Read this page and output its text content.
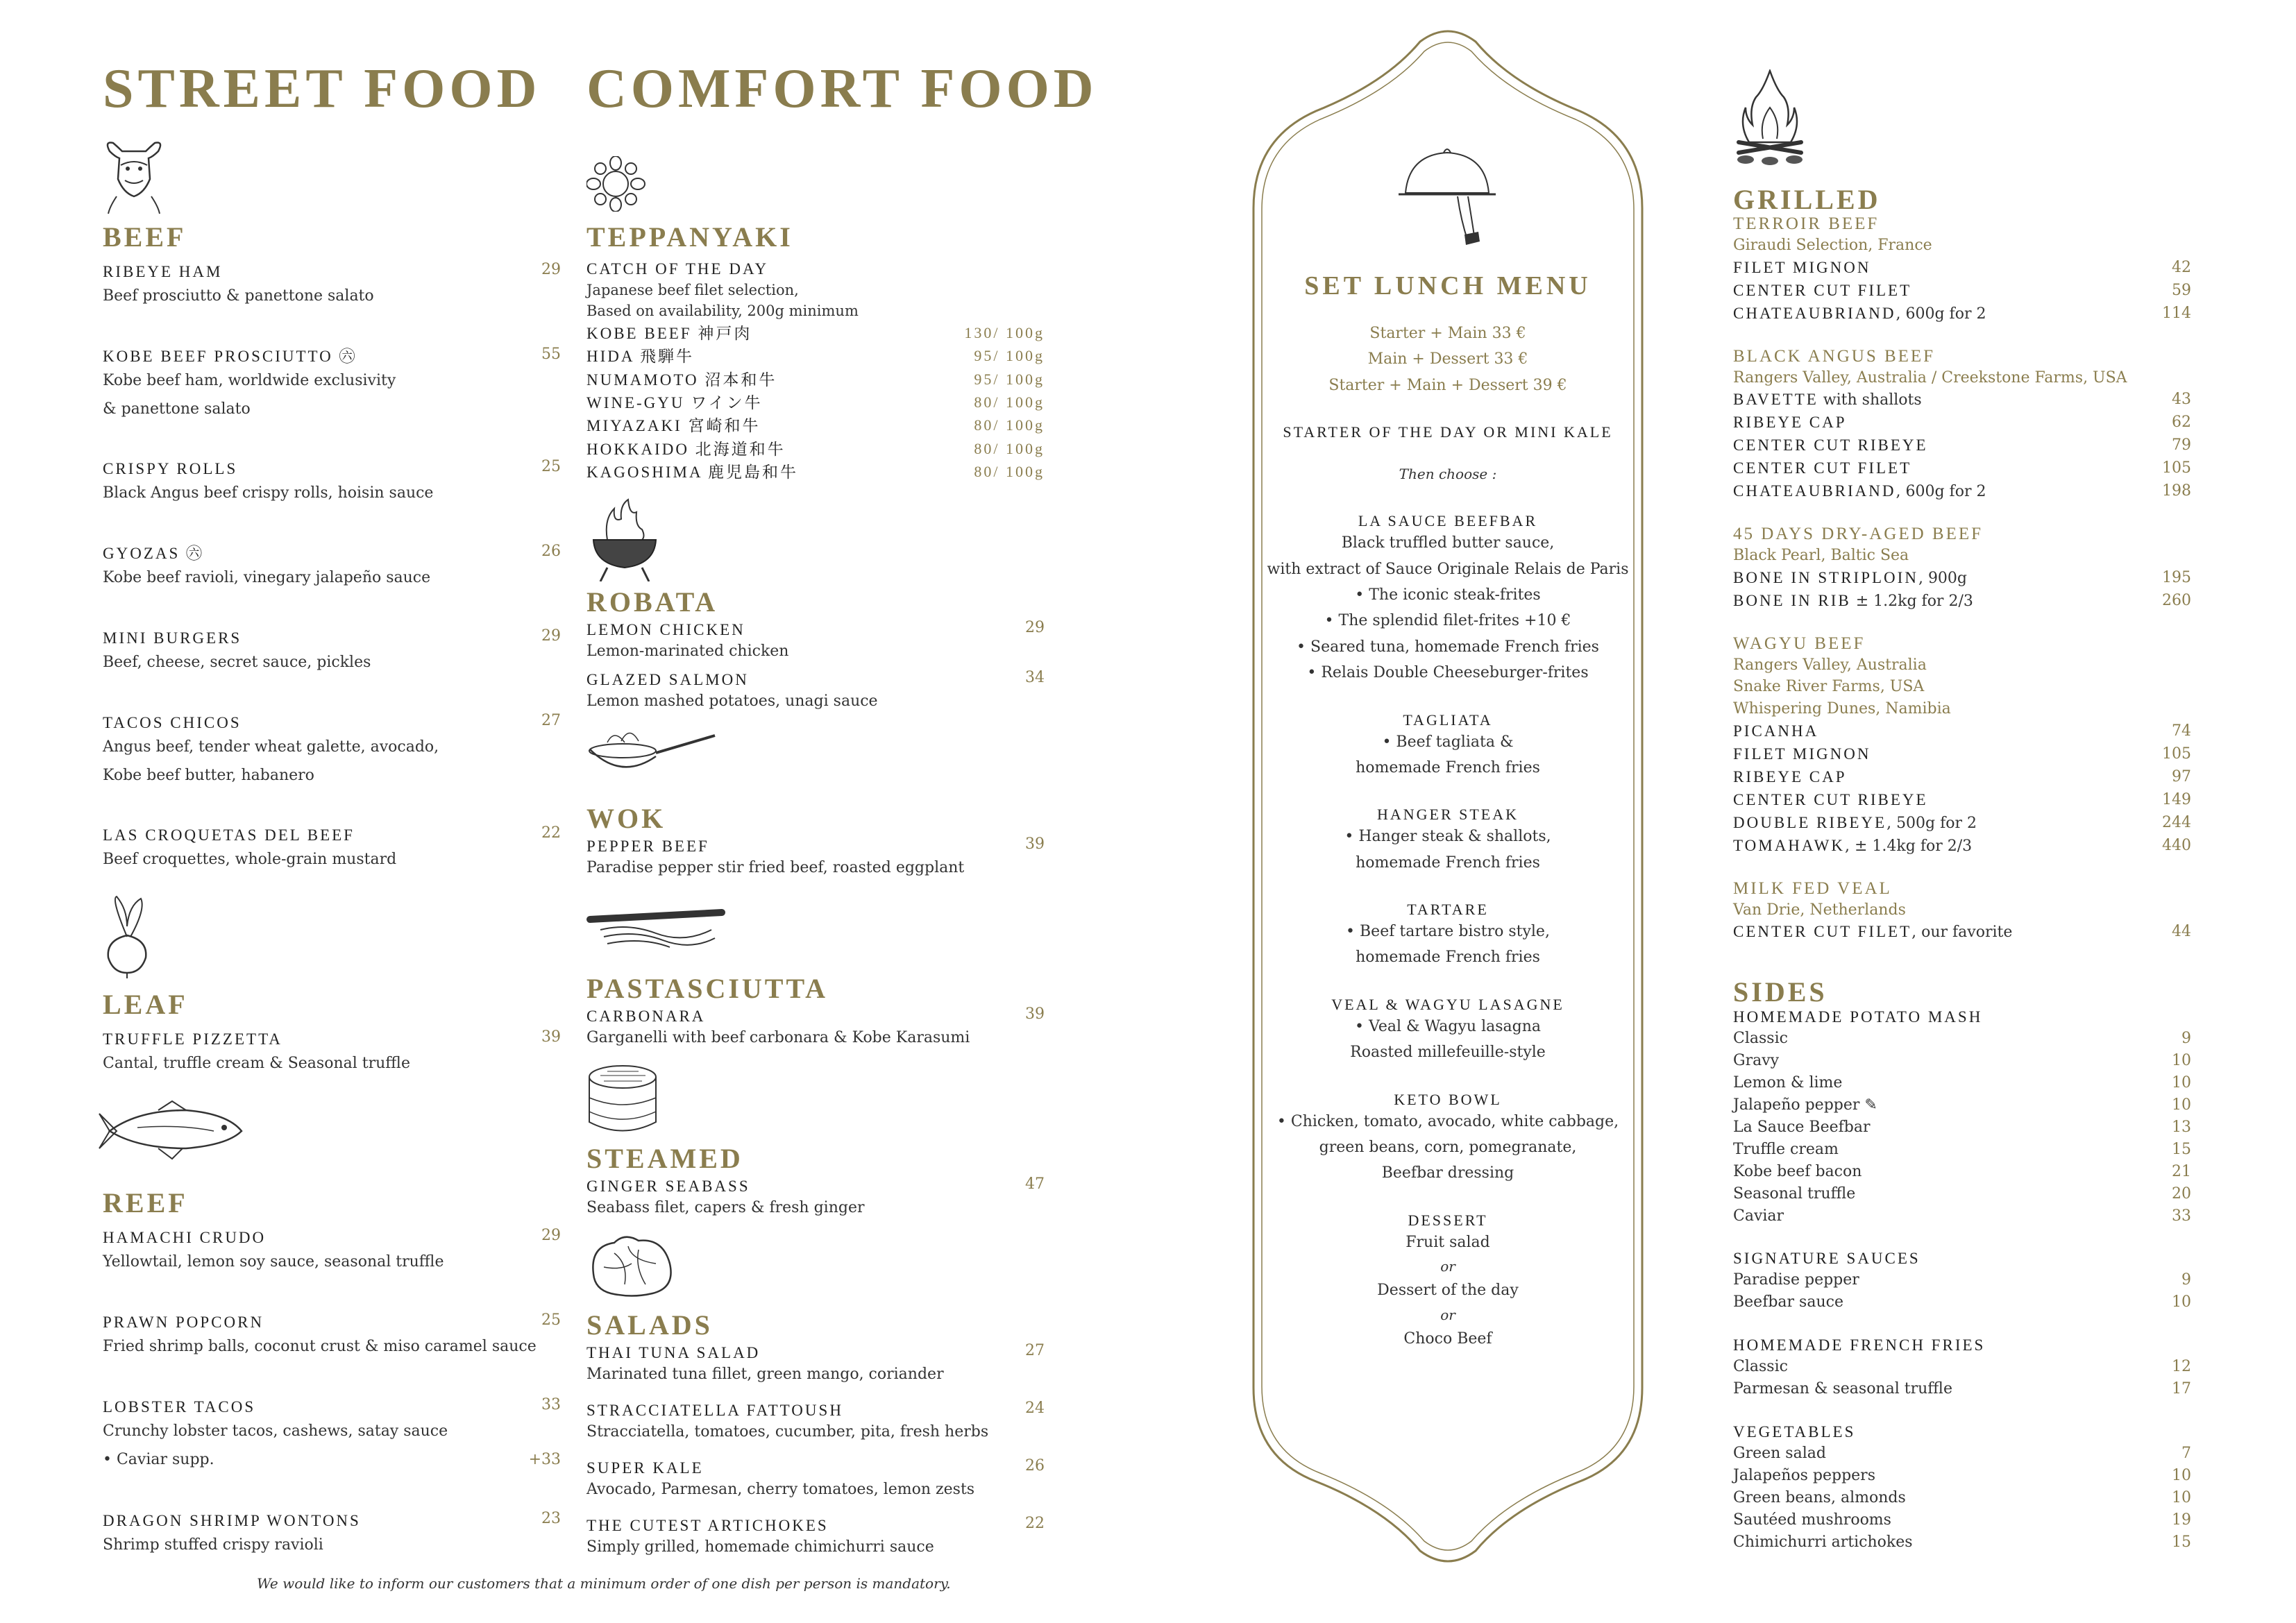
STREET FOOD COMFORT FOOD
BEEF
RIBEYE HAM	29
Beef prosciutto & panettone salato
KOBE BEEF PROSCIUTTO ㊅	55
Kobe beef ham, worldwide exclusivity
& panettone salato
CRISPY ROLLS	25
Black Angus beef crispy rolls, hoisin sauce
GYOZAS ㊅	26
Kobe beef ravioli, vinegary jalapeño sauce
MINI BURGERS	29
Beef, cheese, secret sauce, pickles
TACOS CHICOS	27
Angus beef, tender wheat galette, avocado,
Kobe beef butter, habanero
LAS CROQUETAS DEL BEEF	22
Beef croquettes, whole-grain mustard
LEAF
TRUFFLE PIZZETTA	39
Cantal, truffle cream & Seasonal truffle
REEF
HAMACHI CRUDO	29
Yellowtail, lemon soy sauce, seasonal truffle
PRAWN POPCORN	25
Fried shrimp balls, coconut crust & miso caramel sauce
LOBSTER TACOS	33
Crunchy lobster tacos, cashews, satay sauce
• Caviar supp.	+33
DRAGON SHRIMP WONTONS	23
Shrimp stuffed crispy ravioli
TEPPANYAKI
CATCH OF THE DAY
Japanese beef filet selection,
Based on availability, 200g minimum
KOBE BEEF 神戸肉	130/ 100g
HIDA 飛騨牛	95/ 100g
NUMAMOTO 沼本和牛	95/ 100g
WINE-GYU ワイン牛	80/ 100g
MIYAZAKI 宮崎和牛	80/ 100g
HOKKAIDO 北海道和牛	80/ 100g
KAGOSHIMA 鹿児島和牛	80/ 100g
ROBATA
LEMON CHICKEN	29
Lemon-marinated chicken
GLAZED SALMON	34
Lemon mashed potatoes, unagi sauce
WOK
PEPPER BEEF	39
Paradise pepper stir fried beef, roasted eggplant
PASTASCIUTTA
CARBONARA	39
Garganelli with beef carbonara & Kobe Karasumi
STEAMED
GINGER SEABASS	47
Seabass filet, capers & fresh ginger
SALADS
THAI TUNA SALAD	27
Marinated tuna fillet, green mango, coriander
STRACCIATELLA FATTOUSH	24
Stracciatella, tomatoes, cucumber, pita, fresh herbs
SUPER KALE	26
Avocado, Parmesan, cherry tomatoes, lemon zests
THE CUTEST ARTICHOKES	22
Simply grilled, homemade chimichurri sauce
We would like to inform our customers that a minimum order of one dish per person is mandatory.
SET LUNCH MENU
Starter + Main 33 €
Main + Dessert 33 €
Starter + Main + Dessert 39 €
STARTER OF THE DAY OR MINI KALE
Then choose :
LA SAUCE BEEFBAR
Black truffled butter sauce,
with extract of Sauce Originale Relais de Paris
• The iconic steak-frites
• The splendid filet-frites +10 €
• Seared tuna, homemade French fries
• Relais Double Cheeseburger-frites
TAGLIATA
• Beef tagliata &
homemade French fries
HANGER STEAK
• Hanger steak & shallots,
homemade French fries
TARTARE
• Beef tartare bistro style,
homemade French fries
VEAL & WAGYU LASAGNE
• Veal & Wagyu lasagna
Roasted millefeuille-style
KETO BOWL
• Chicken, tomato, avocado, white cabbage,
green beans, corn, pomegranate,
Beefbar dressing
DESSERT
Fruit salad
or
Dessert of the day
or
Choco Beef
GRILLED
TERROIR BEEF
Giraudi Selection, France
FILET MIGNON	42
CENTER CUT FILET	59
CHATEAUBRIAND, 600g for 2	114
BLACK ANGUS BEEF
Rangers Valley, Australia / Creekstone Farms, USA
BAVETTE with shallots	43
RIBEYE CAP	62
CENTER CUT RIBEYE	79
CENTER CUT FILET	105
CHATEAUBRIAND, 600g for 2	198
45 DAYS DRY-AGED BEEF
Black Pearl, Baltic Sea
BONE IN STRIPLOIN, 900g	195
BONE IN RIB ± 1.2kg for 2/3	260
WAGYU BEEF
Rangers Valley, Australia
Snake River Farms, USA
Whispering Dunes, Namibia
PICANHA	74
FILET MIGNON	105
RIBEYE CAP	97
CENTER CUT RIBEYE	149
DOUBLE RIBEYE, 500g for 2	244
TOMAHAWK, ± 1.4kg for 2/3	440
MILK FED VEAL
Van Drie, Netherlands
CENTER CUT FILET, our favorite	44
SIDES
HOMEMADE POTATO MASH
Classic	9
Gravy	10
Lemon & lime	10
Jalapeño pepper ✎	10
La Sauce Beefbar	13
Truffle cream	15
Kobe beef bacon	21
Seasonal truffle	20
Caviar	33
SIGNATURE SAUCES
Paradise pepper	9
Beefbar sauce	10
HOMEMADE FRENCH FRIES
Classic	12
Parmesan & seasonal truffle	17
VEGETABLES
Green salad	7
Jalapeños peppers	10
Green beans, almonds	10
Sautéed mushrooms	19
Chimichurri artichokes	15
